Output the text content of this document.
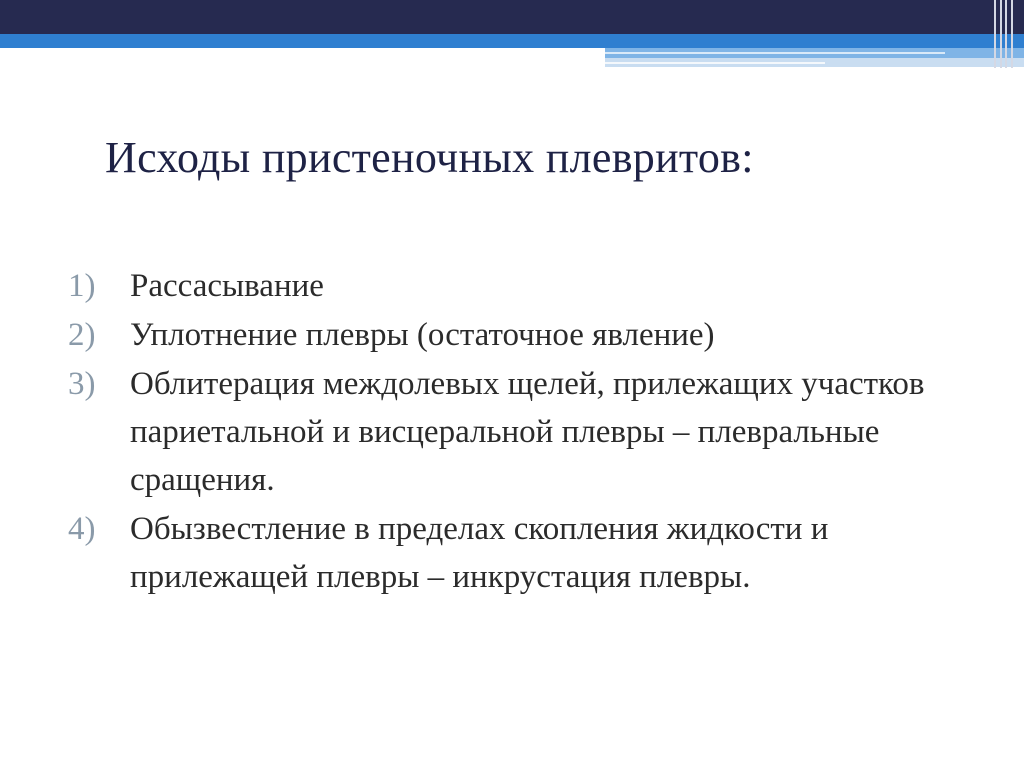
Исходы пристеночных плевритов:
1)	Рассасывание
2)	Уплотнение плевры (остаточное явление)
3)	Облитерация междолевых щелей, прилежащих участков париетальной и висцеральной плевры – плевральные сращения.
4)	Обызвестление в пределах скопления жидкости и прилежащей плевры – инкрустация плевры.
